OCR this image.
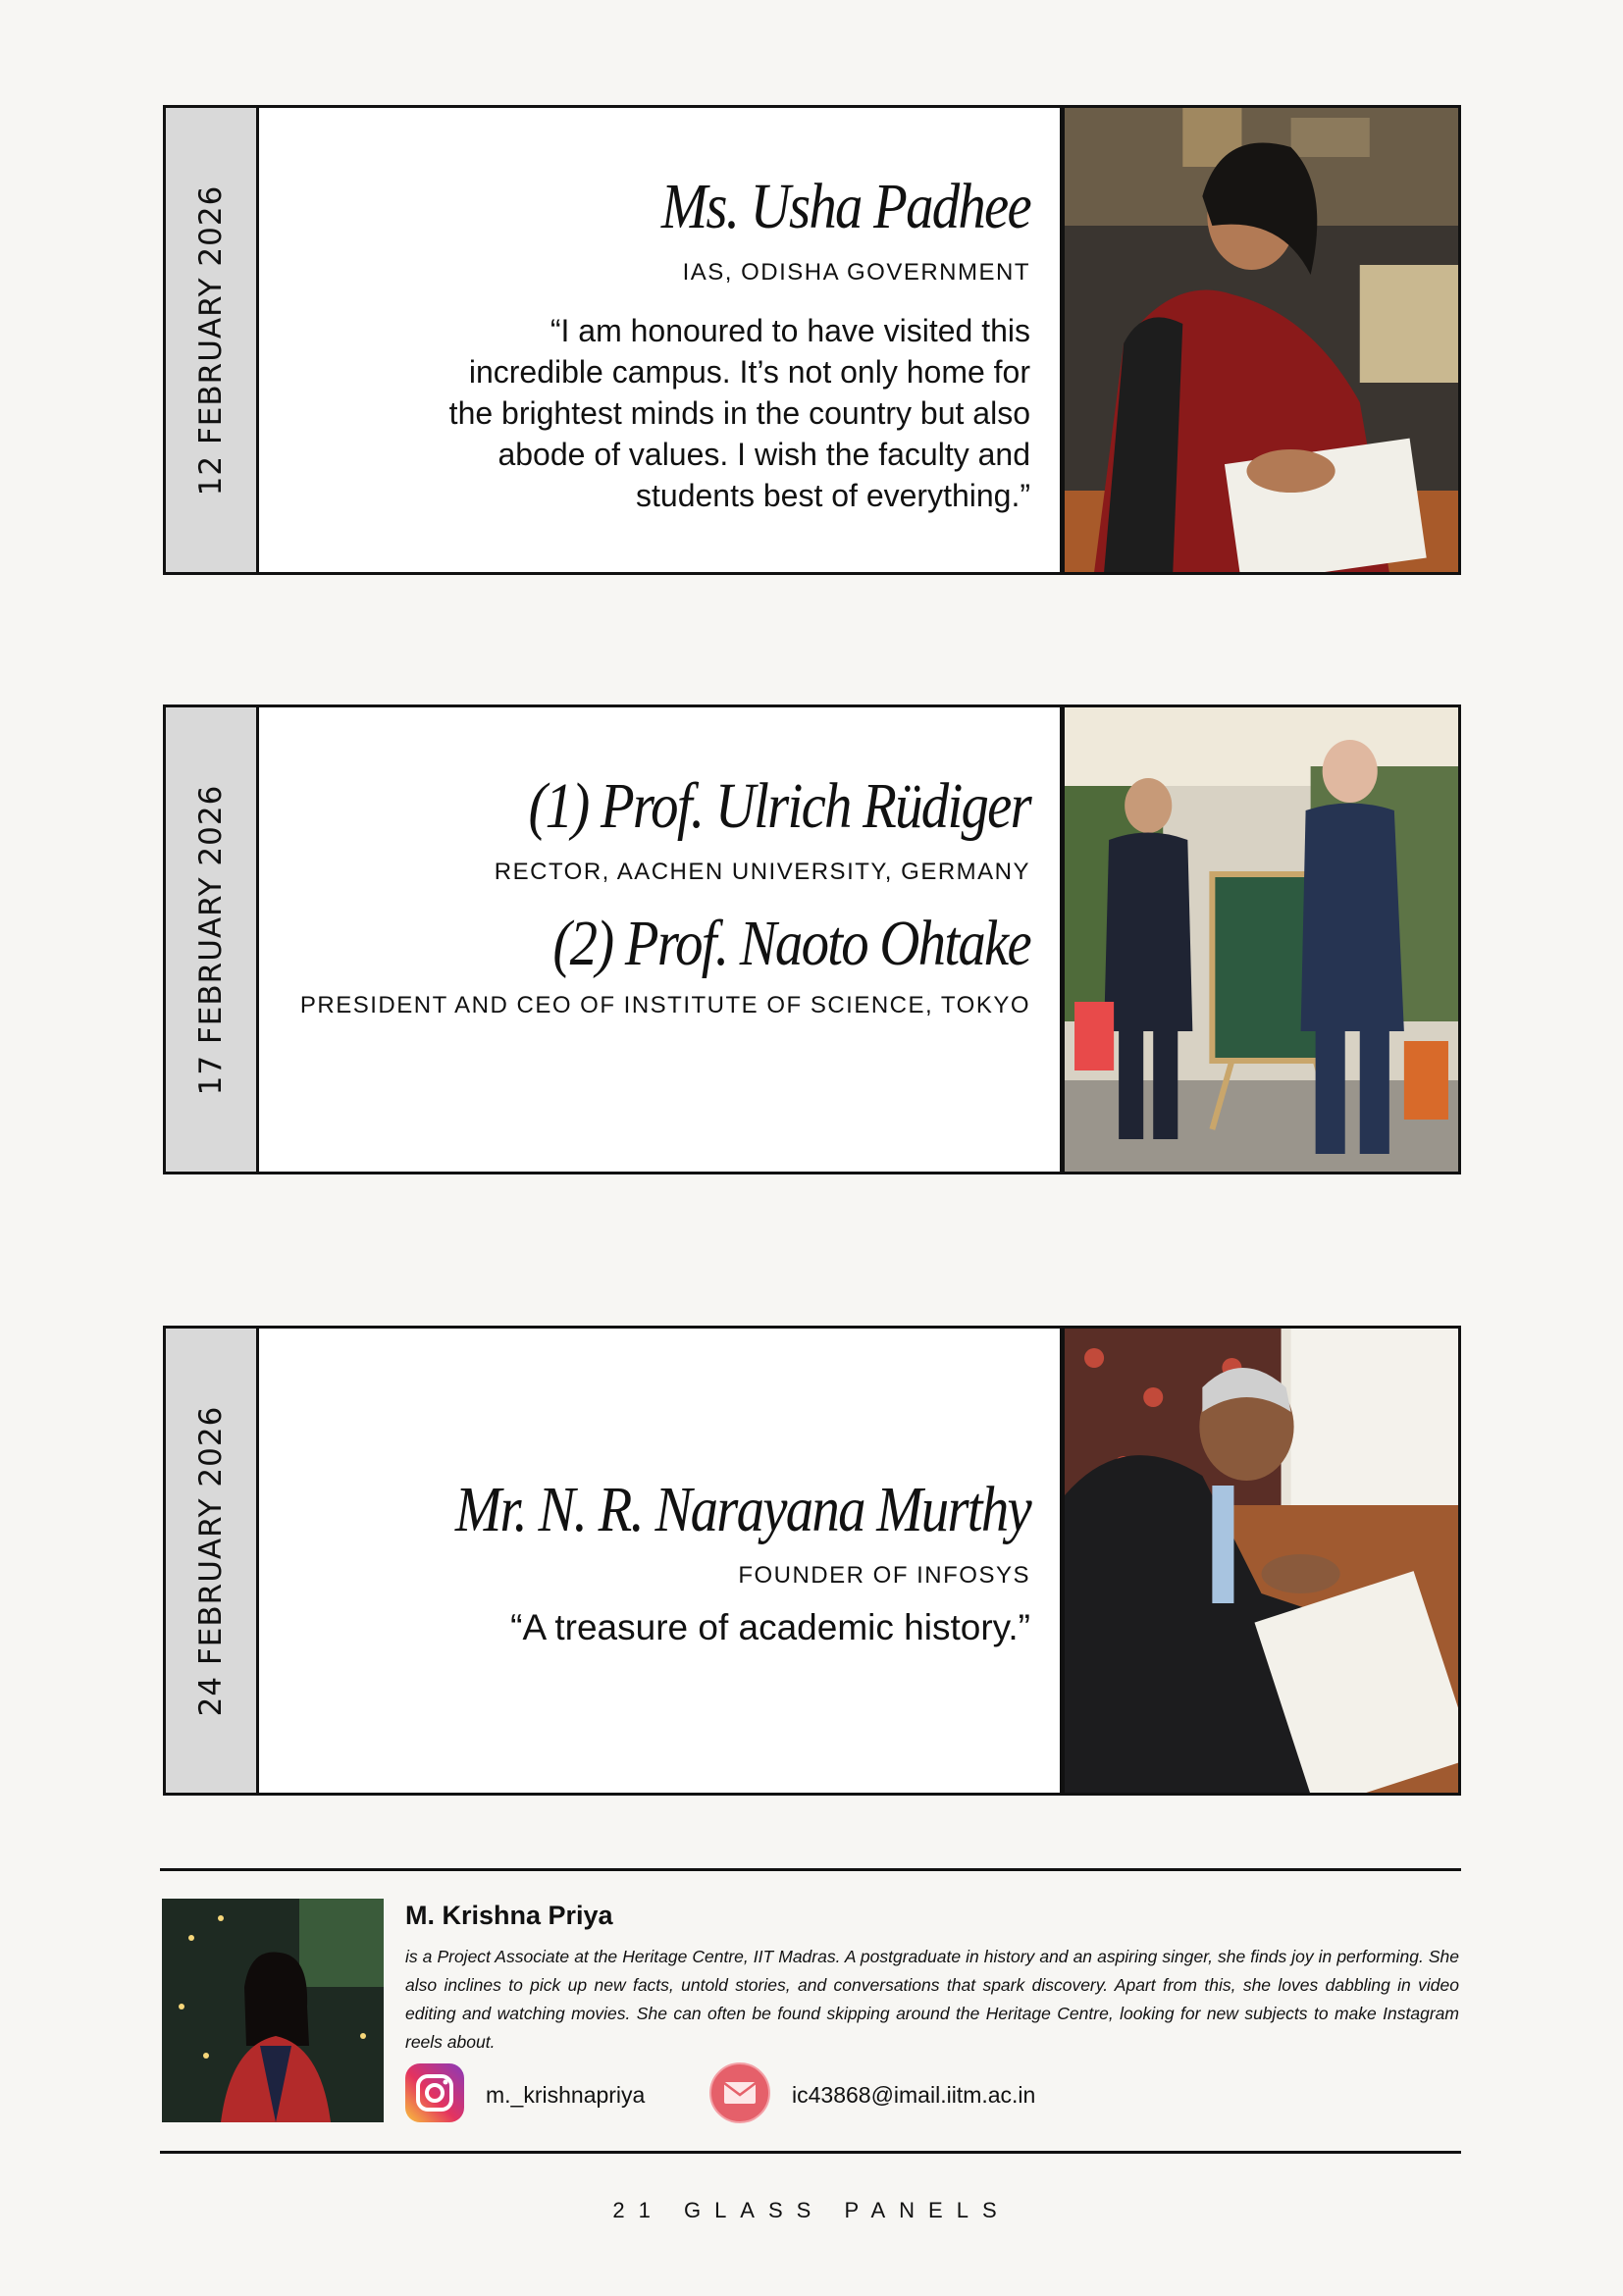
12 FEBRUARY 2026	Ms. Usha Padhee
IAS, ODISHA GOVERNMENT
“I am honoured to have visited this
incredible campus. It’s not only home for
the brightest minds in the country but also
abode of values. I wish the faculty and
students best of everything.”
17 FEBRUARY 2026	(1) Prof. Ulrich Rüdiger
RECTOR, AACHEN UNIVERSITY, GERMANY
(2) Prof. Naoto Ohtake
PRESIDENT AND CEO OF INSTITUTE OF SCIENCE, TOKYO
24 FEBRUARY 2026	Mr. N. R. Narayana Murthy
FOUNDER OF INFOSYS
“A treasure of academic history.”
M. Krishna Priya
is a Project Associate at the Heritage Centre, IIT Madras. A postgraduate in history and an aspiring singer, she finds joy in performing. She also inclines to pick up new facts, untold stories, and conversations that spark discovery. Apart from this, she loves dabbling in video editing and watching movies. She can often be found skipping around the Heritage Centre, looking for new subjects to make Instagram reels about.
m._krishnapriya	ic43868@imail.iitm.ac.in
21 GLASS PANELS
